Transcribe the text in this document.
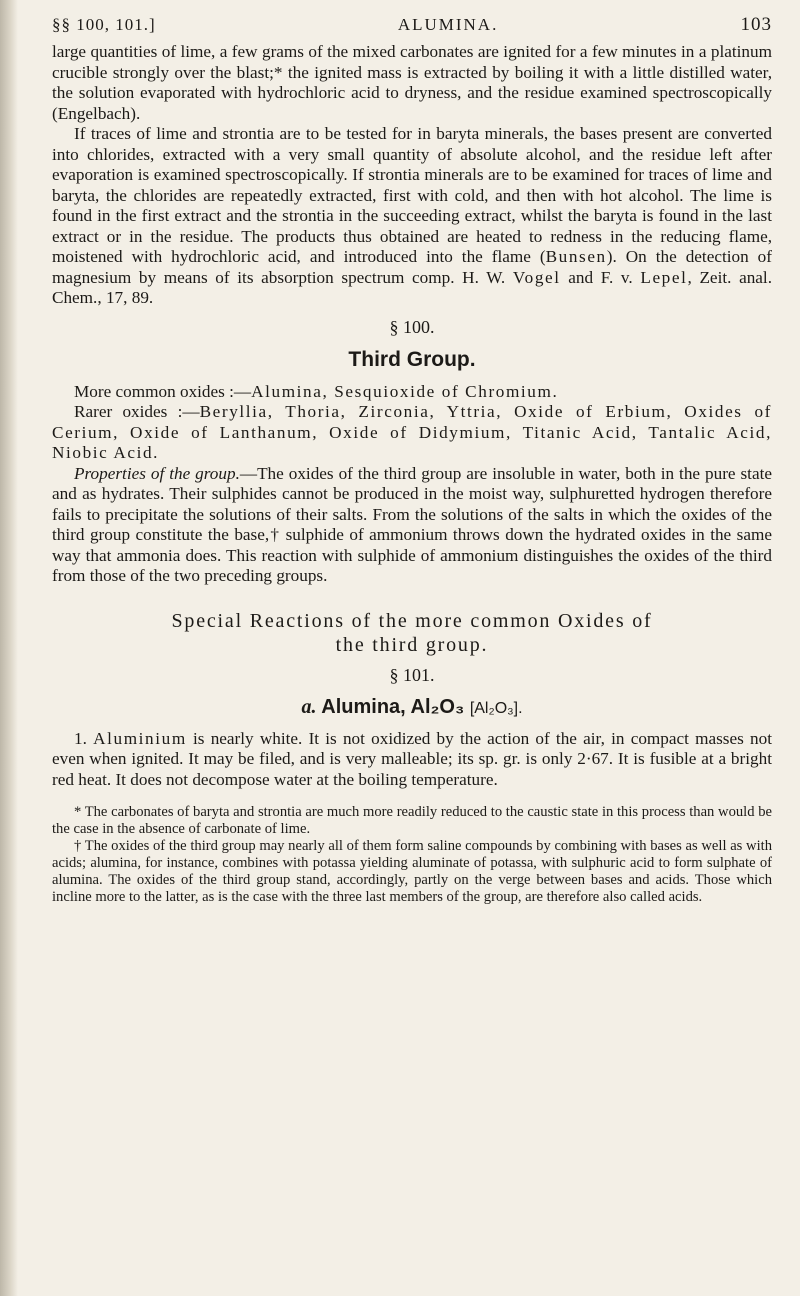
§§ 100, 101.]	ALUMINA.	103

large quantities of lime, a few grams of the mixed carbonates are ignited for a few minutes in a platinum crucible strongly over the blast;* the ignited mass is extracted by boiling it with a little distilled water, the solution evaporated with hydrochloric acid to dryness, and the residue examined spectroscopically (Engelbach).

If traces of lime and strontia are to be tested for in baryta minerals, the bases present are converted into chlorides, extracted with a very small quantity of absolute alcohol, and the residue left after evaporation is examined spectroscopically. If strontia minerals are to be examined for traces of lime and baryta, the chlorides are repeatedly extracted, first with cold, and then with hot alcohol. The lime is found in the first extract and the strontia in the succeeding extract, whilst the baryta is found in the last extract or in the residue. The products thus obtained are heated to redness in the reducing flame, moistened with hydrochloric acid, and introduced into the flame (Bunsen). On the detection of magnesium by means of its absorption spectrum comp. H. W. Vogel and F. v. Lepel, Zeit. anal. Chem., 17, 89.

§ 100.
Third Group.

More common oxides :—Alumina, Sesquioxide of Chromium.

Rarer oxides :—Beryllia, Thoria, Zirconia, Yttria, Oxide of Erbium, Oxides of Cerium, Oxide of Lanthanum, Oxide of Didymium, Titanic Acid, Tantalic Acid, Niobic Acid.

Properties of the group.—The oxides of the third group are insoluble in water, both in the pure state and as hydrates. Their sulphides cannot be produced in the moist way, sulphuretted hydrogen therefore fails to precipitate the solutions of their salts. From the solutions of the salts in which the oxides of the third group constitute the base,† sulphide of ammonium throws down the hydrated oxides in the same way that ammonia does. This reaction with sulphide of ammonium distinguishes the oxides of the third from those of the two preceding groups.

Special Reactions of the more common Oxides of
the third group.
§ 101.
a. Alumina, Al₂O₃ [Al₂O₃].

1. Aluminium is nearly white. It is not oxidized by the action of the air, in compact masses not even when ignited. It may be filed, and is very malleable; its sp. gr. is only 2·67. It is fusible at a bright red heat. It does not decompose water at the boiling temperature.

* The carbonates of baryta and strontia are much more readily reduced to the caustic state in this process than would be the case in the absence of carbonate of lime.

† The oxides of the third group may nearly all of them form saline compounds by combining with bases as well as with acids; alumina, for instance, combines with potassa yielding aluminate of potassa, with sulphuric acid to form sulphate of alumina. The oxides of the third group stand, accordingly, partly on the verge between bases and acids. Those which incline more to the latter, as is the case with the three last members of the group, are therefore also called acids.
